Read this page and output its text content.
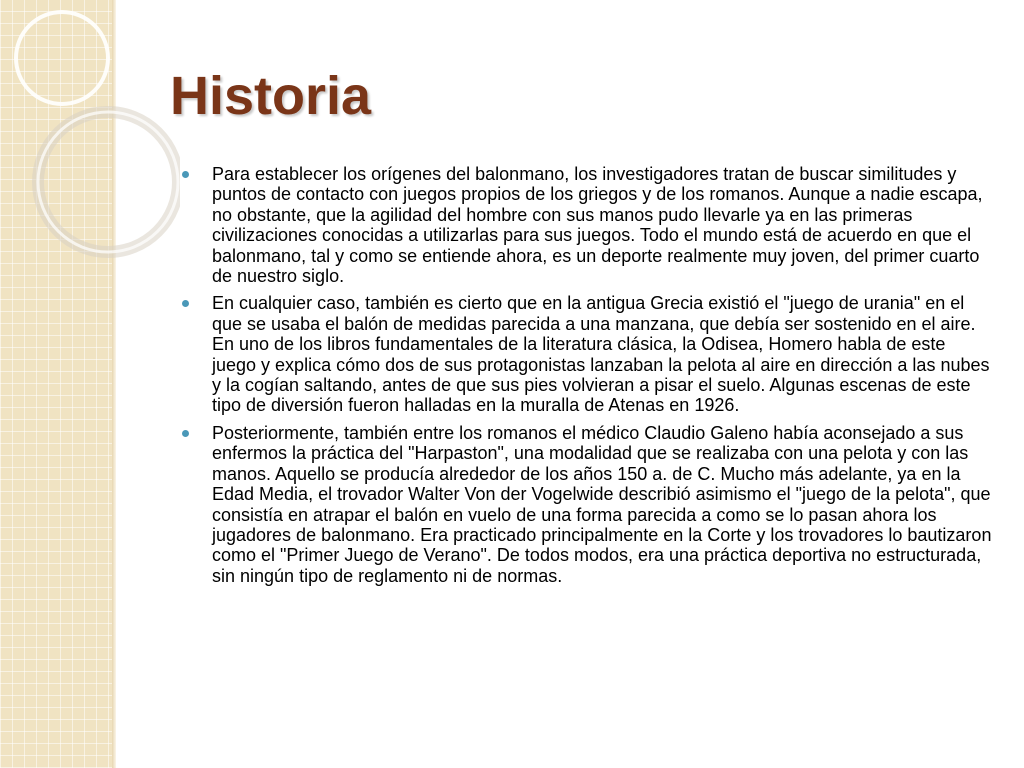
Historia
Para establecer los orígenes del balonmano, los investigadores tratan de buscar similitudes y puntos de contacto con juegos propios de los griegos y de los romanos. Aunque a nadie escapa, no obstante, que la agilidad del hombre con sus manos pudo llevarle ya en las primeras civilizaciones conocidas a utilizarlas para sus juegos. Todo el mundo está de acuerdo en que el balonmano, tal y como se entiende ahora, es un deporte realmente muy joven, del primer cuarto de nuestro siglo.
En cualquier caso, también es cierto que en la antigua Grecia existió el "juego de urania" en el que se usaba el balón de medidas parecida a una manzana, que debía ser sostenido en el aire. En uno de los libros fundamentales de la literatura clásica, la Odisea, Homero habla de este juego y explica cómo dos de sus protagonistas lanzaban la pelota al aire en dirección a las nubes y la cogían saltando, antes de que sus pies volvieran a pisar el suelo. Algunas escenas de este tipo de diversión fueron halladas en la muralla de Atenas en 1926.
Posteriormente, también entre los romanos el médico Claudio Galeno había aconsejado a sus enfermos la práctica del "Harpaston", una modalidad que se realizaba con una pelota y con las manos. Aquello se producía alrededor de los años 150 a. de C. Mucho más adelante, ya en la Edad Media, el trovador Walter Von der Vogelwide describió asimismo el "juego de la pelota", que consistía en atrapar el balón en vuelo de una forma parecida a como se lo pasan ahora los jugadores de balonmano. Era practicado principalmente en la Corte y los trovadores lo bautizaron como el "Primer Juego de Verano". De todos modos, era una práctica deportiva no estructurada, sin ningún tipo de reglamento ni de normas.
